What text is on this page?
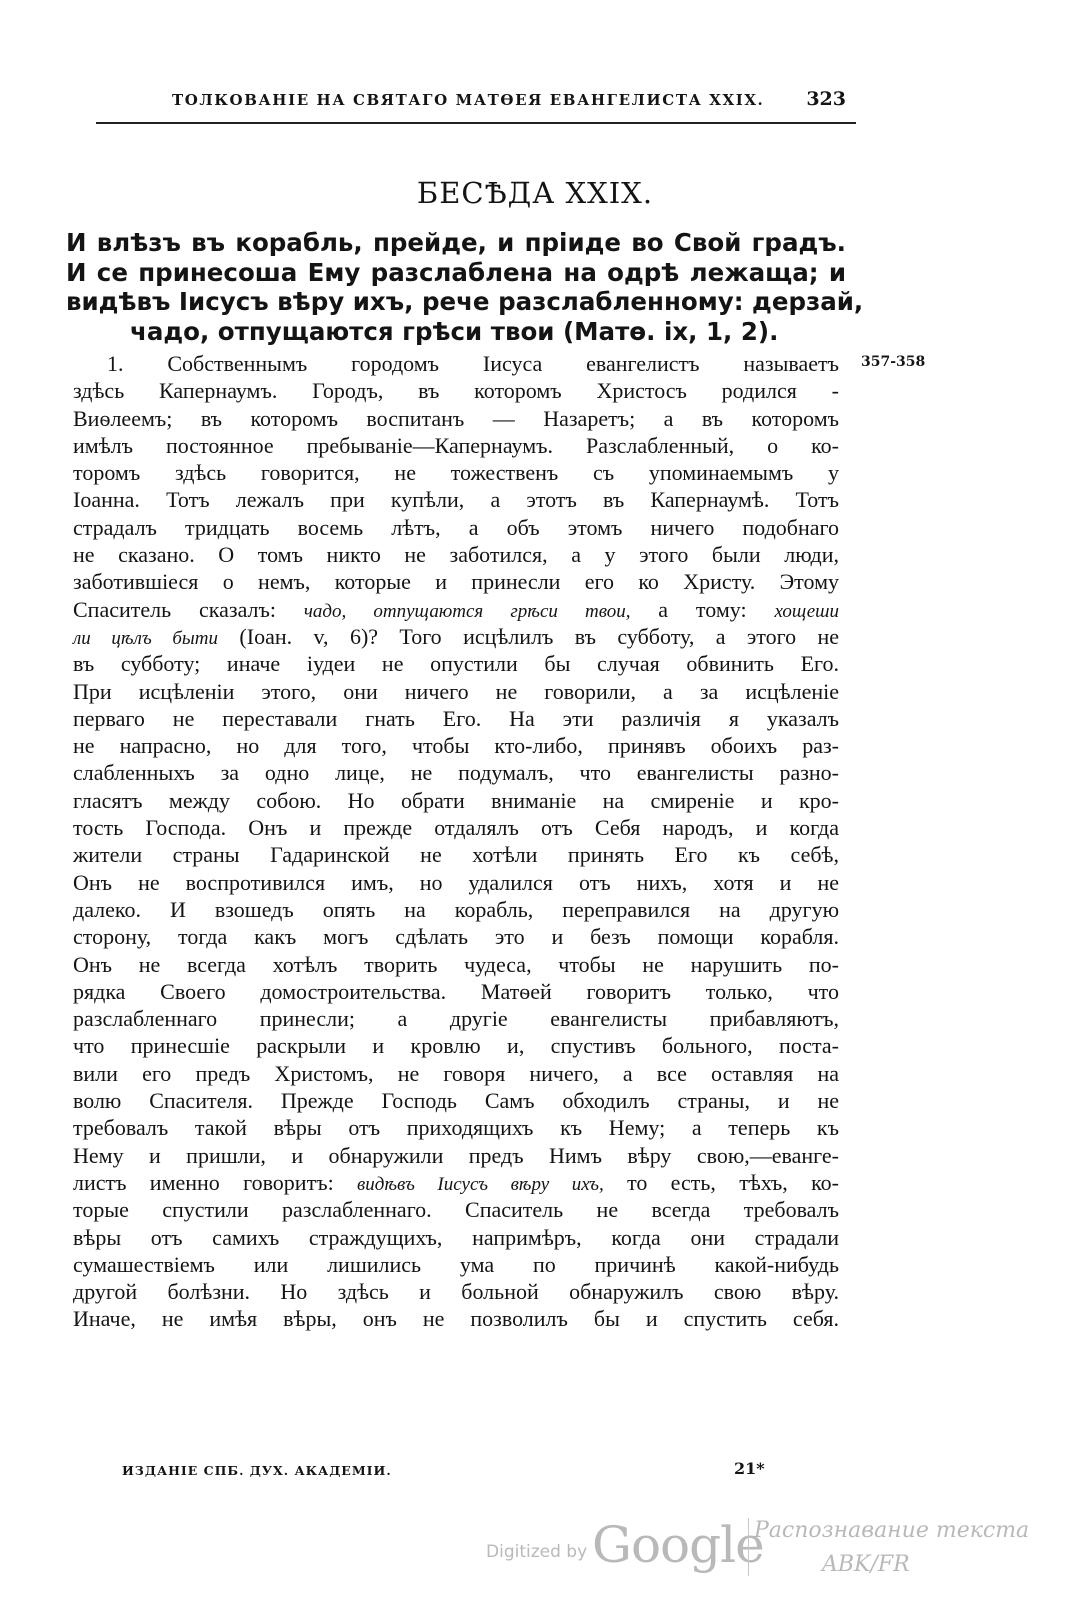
ТОЛКОВАНІЕ НА СВЯТАГО МАТѲЕЯ ЕВАНГЕЛИСТА XXIX. 323
БЕСѢДА XXIX.
И влѣзъ въ корабль, прейде, и пріиде во Свой градъ.
И се принесоша Ему разслаблена на одрѣ лежаща; и
видѣвъ Іисусъ вѣру ихъ, рече разслабленному: дерзай,
чадо, отпущаются грѣси твои (Матѳ. іх, 1, 2).
357-358
1. Собственнымъ городомъ Іисуса евангелистъ называетъ
здѣсь Капернаумъ. Городъ, въ которомъ Христосъ родился -
Виѳлеемъ; въ которомъ воспитанъ — Назаретъ; а въ которомъ
имѣлъ постоянное пребываніе—Капернаумъ. Разслабленный, о ко-
торомъ здѣсь говорится, не тожественъ съ упоминаемымъ у
Іоанна. Тотъ лежалъ при купѣли, а этотъ въ Капернаумѣ. Тотъ
страдалъ тридцать восемь лѣтъ, а объ этомъ ничего подобнаго
не сказано. О томъ никто не заботился, а у этого были люди,
заботившіеся о немъ, которые и принесли его ко Христу. Этому
Спаситель сказалъ: чадо, отпущаются грѣси твои, а тому: хощеши
ли цѣлъ быти (Іоан. v, 6)? Того исцѣлилъ въ субботу, а этого не
въ субботу; иначе іудеи не опустили бы случая обвинить Его.
При исцѣленіи этого, они ничего не говорили, а за исцѣленіе
перваго не переставали гнать Его. На эти различія я указалъ
не напрасно, но для того, чтобы кто-либо, принявъ обоихъ раз-
слабленныхъ за одно лице, не подумалъ, что евангелисты разно-
гласятъ между собою. Но обрати вниманіе на смиреніе и кро-
тость Господа. Онъ и прежде отдалялъ отъ Себя народъ, и когда
жители страны Гадаринской не хотѣли принять Его къ себѣ,
Онъ не воспротивился имъ, но удалился отъ нихъ, хотя и не
далеко. И взошедъ опять на корабль, переправился на другую
сторону, тогда какъ могъ сдѣлать это и безъ помощи корабля.
Онъ не всегда хотѣлъ творить чудеса, чтобы не нарушить по-
рядка Своего домостроительства. Матѳей говоритъ только, что
разслабленнаго принесли; а другіе евангелисты прибавляютъ,
что принесшіе раскрыли и кровлю и, спустивъ больного, поста-
вили его предъ Христомъ, не говоря ничего, а все оставляя на
волю Спасителя. Прежде Господь Самъ обходилъ страны, и не
требовалъ такой вѣры отъ приходящихъ къ Нему; а теперь къ
Нему и пришли, и обнаружили предъ Нимъ вѣру свою,—еванге-
листъ именно говоритъ: видѣвъ Іисусъ вѣру ихъ, то есть, тѣхъ, ко-
торые спустили разслабленнаго. Спаситель не всегда требовалъ
вѣры отъ самихъ страждущихъ, напримѣръ, когда они страдали
сумашествіемъ или лишились ума по причинѣ какой-нибудь
другой болѣзни. Но здѣсь и больной обнаружилъ свою вѣру.
Иначе, не имѣя вѣры, онъ не позволилъ бы и спустить себя.
ИЗДАНІЕ СПБ. ДУХ. АКАДЕМІИ.	21*
Digitized by Google
Распознавание текста
ABK/FR
